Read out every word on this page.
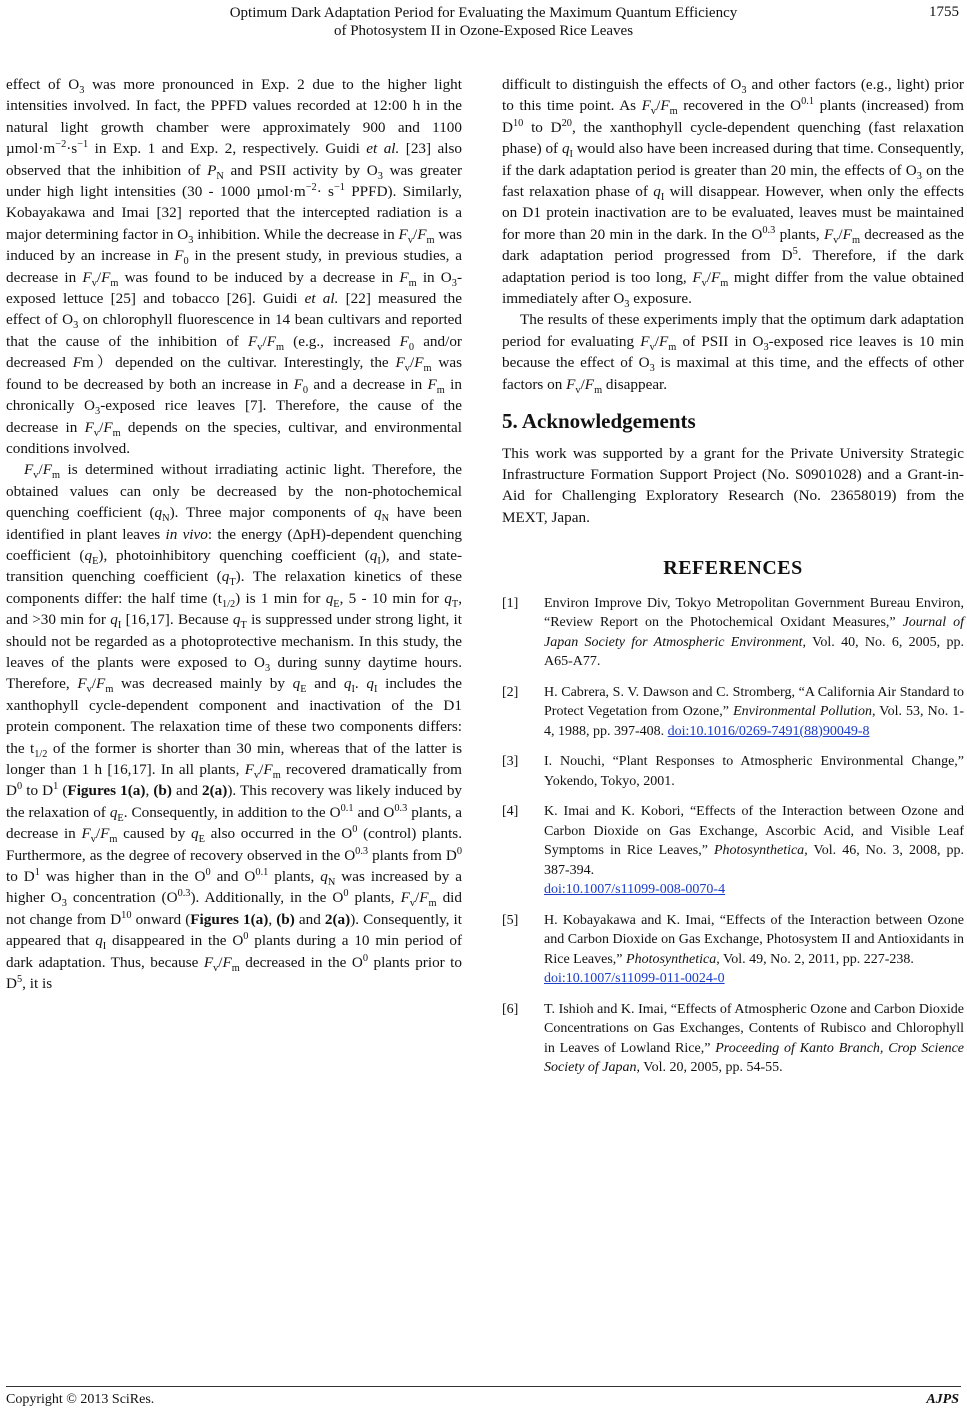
Optimum Dark Adaptation Period for Evaluating the Maximum Quantum Efficiency
of Photosystem II in Ozone-Exposed Rice Leaves
1755

effect of $O_3$ was more pronounced in Exp. 2 due to the higher light intensities involved. In fact, the PPFD values recorded at 12:00 h in the natural light growth chamber were approximately 900 and 1100 $\mu mol\cdot m^{-2}\cdot s^{-1}$ in Exp. 1 and Exp. 2, respectively. Guidi et al. [23] also observed that the inhibition of $P_N$ and PSII activity by $O_3$ was greater under high light intensities (30 - 1000 $\mu mol\cdot m^{-2}\cdot s^{-1}$ PPFD). Similarly, Kobayakawa and Imai [32] reported that the intercepted radiation is a major determining factor in $O_3$ inhibition. While the decrease in $F_v/F_m$ was induced by an increase in $F_0$ in the present study, in previous studies, a decrease in $F_v/F_m$ was found to be induced by a decrease in $F_m$ in $O_3$-exposed lettuce [25] and tobacco [26]. Guidi et al. [22] measured the effect of $O_3$ on chlorophyll fluorescence in 14 bean cultivars and reported that the cause of the inhibition of $F_v/F_m$ (e.g., increased $F_0$ and/or decreased Fm）depended on the cultivar. Interestingly, the $F_v/F_m$ was found to be decreased by both an increase in $F_0$ and a decrease in $F_m$ in chronically $O_3$-exposed rice leaves [7]. Therefore, the cause of the decrease in $F_v/F_m$ depends on the species, cultivar, and environmental conditions involved.

$F_v/F_m$ is determined without irradiating actinic light. Therefore, the obtained values can only be decreased by the non-photochemical quenching coefficient $(q_N)$. Three major components of $q_N$ have been identified in plant leaves in vivo: the energy (ΔpH)-dependent quenching coefficient $(q_E)$, photoinhibitory quenching coefficient $(q_I)$, and state-transition quenching coefficient $(q_T)$. The relaxation kinetics of these components differ: the half time $(t_{1/2})$ is 1 min for $q_E$, 5 - 10 min for $q_T$, and >30 min for $q_I$ [16,17]. Because $q_T$ is suppressed under strong light, it should not be regarded as a photoprotective mechanism. In this study, the leaves of the plants were exposed to $O_3$ during sunny daytime hours. Therefore, $F_v/F_m$ was decreased mainly by $q_E$ and $q_I$. $q_I$ includes the xanthophyll cycle-dependent component and inactivation of the D1 protein component. The relaxation time of these two components differs: the $t_{1/2}$ of the former is shorter than 30 min, whereas that of the latter is longer than 1 h [16,17]. In all plants, $F_v/F_m$ recovered dramatically from $D^0$ to $D^1$ (Figures 1(a), (b) and 2(a)). This recovery was likely induced by the relaxation of $q_E$. Consequently, in addition to the $O^{0.1}$ and $O^{0.3}$ plants, a decrease in $F_v/F_m$ caused by $q_E$ also occurred in the $O^0$ (control) plants. Furthermore, as the degree of recovery observed in the $O^{0.3}$ plants from $D^0$ to $D^1$ was higher than in the $O^0$ and $O^{0.1}$ plants, $q_N$ was increased by a higher $O_3$ concentration $(O^{0.3})$. Additionally, in the $O^0$ plants, $F_v/F_m$ did not change from $D^{10}$ onward (Figures 1(a), (b) and 2(a)). Consequently, it appeared that $q_I$ disappeared in the $O^0$ plants during a 10 min period of dark adaptation. Thus, because $F_v/F_m$ decreased in the $O^0$ plants prior to $D^5$, it is

difficult to distinguish the effects of $O_3$ and other factors (e.g., light) prior to this time point. As $F_v/F_m$ recovered in the $O^{0.1}$ plants (increased) from $D^{10}$ to $D^{20}$, the xanthophyll cycle-dependent quenching (fast relaxation phase) of $q_I$ would also have been increased during that time. Consequently, if the dark adaptation period is greater than 20 min, the effects of $O_3$ on the fast relaxation phase of $q_I$ will disappear. However, when only the effects on D1 protein inactivation are to be evaluated, leaves must be maintained for more than 20 min in the dark. In the $O^{0.3}$ plants, $F_v/F_m$ decreased as the dark adaptation period progressed from $D^5$. Therefore, if the dark adaptation period is too long, $F_v/F_m$ might differ from the value obtained immediately after $O_3$ exposure.

The results of these experiments imply that the optimum dark adaptation period for evaluating $F_v/F_m$ of PSII in $O_3$-exposed rice leaves is 10 min because the effect of $O_3$ is maximal at this time, and the effects of other factors on $F_v/F_m$ disappear.

5. Acknowledgements

This work was supported by a grant for the Private University Strategic Infrastructure Formation Support Project (No. S0901028) and a Grant-in-Aid for Challenging Exploratory Research (No. 23658019) from the MEXT, Japan.

REFERENCES
[1]	Environ Improve Div, Tokyo Metropolitan Government Bureau Environ, “Review Report on the Photochemical Oxidant Measures,” Journal of Japan Society for Atmospheric Environment, Vol. 40, No. 6, 2005, pp. A65-A77.
[2]	H. Cabrera, S. V. Dawson and C. Stromberg, “A California Air Standard to Protect Vegetation from Ozone,” Environmental Pollution, Vol. 53, No. 1-4, 1988, pp. 397-408. doi:10.1016/0269-7491(88)90049-8
[3]	I. Nouchi, “Plant Responses to Atmospheric Environmental Change,” Yokendo, Tokyo, 2001.
[4]	K. Imai and K. Kobori, “Effects of the Interaction between Ozone and Carbon Dioxide on Gas Exchange, Ascorbic Acid, and Visible Leaf Symptoms in Rice Leaves,” Photosynthetica, Vol. 46, No. 3, 2008, pp. 387-394.
doi:10.1007/s11099-008-0070-4
[5]	H. Kobayakawa and K. Imai, “Effects of the Interaction between Ozone and Carbon Dioxide on Gas Exchange, Photosystem II and Antioxidants in Rice Leaves,” Photosynthetica, Vol. 49, No. 2, 2011, pp. 227-238.
doi:10.1007/s11099-011-0024-0
[6]	T. Ishioh and K. Imai, “Effects of Atmospheric Ozone and Carbon Dioxide Concentrations on Gas Exchanges, Contents of Rubisco and Chlorophyll in Leaves of Lowland Rice,” Proceeding of Kanto Branch, Crop Science Society of Japan, Vol. 20, 2005, pp. 54-55.
Copyright © 2013 SciRes.	AJPS
